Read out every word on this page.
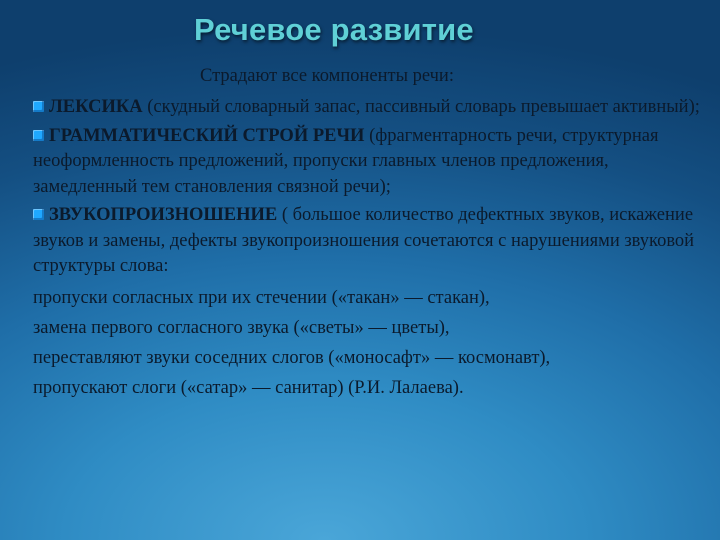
Речевое развитие
Страдают все компоненты речи:

ЛЕКСИКА (скудный словарный запас, пассивный словарь превышает активный);

ГРАММАТИЧЕСКИЙ СТРОЙ РЕЧИ (фрагментарность речи, структурная неоформленность предложений, пропуски главных членов предложения, замедленный тем становления связной речи);

ЗВУКОПРОИЗНОШЕНИЕ ( большое количество дефектных звуков, искажение звуков и замены, дефекты звукопроизношения сочетаются с нарушениями звуковой структуры слова:

пропуски согласных при их стечении («такан» — стакан),
замена первого согласного звука («светы» — цветы),
переставляют звуки соседних слогов («моносафт» — космонавт),
пропускают слоги («сатар» — санитар) (Р.И. Лалаева).
